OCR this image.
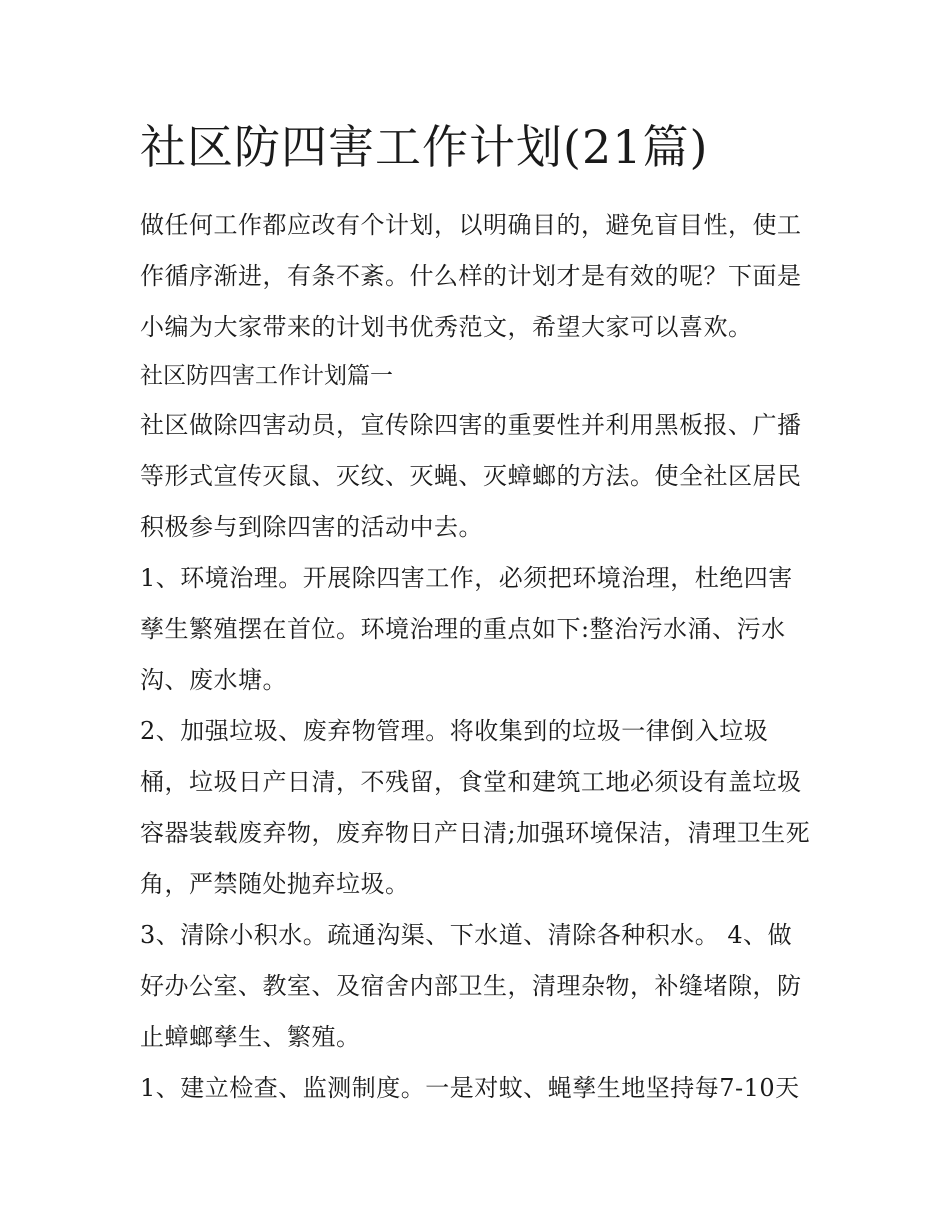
社区防四害工作计划(21篇)

做任何工作都应改有个计划，以明确目的，避免盲目性，使工作循序渐进，有条不紊。什么样的计划才是有效的呢？下面是小编为大家带来的计划书优秀范文，希望大家可以喜欢。

社区防四害工作计划篇一

社区做除四害动员，宣传除四害的重要性并利用黑板报、广播等形式宣传灭鼠、灭纹、灭蝇、灭蟑螂的方法。使全社区居民积极参与到除四害的活动中去。

1、环境治理。开展除四害工作，必须把环境治理，杜绝四害孳生繁殖摆在首位。环境治理的重点如下:整治污水涌、污水沟、废水塘。

2、加强垃圾、废弃物管理。将收集到的垃圾一律倒入垃圾桶，垃圾日产日清，不残留，食堂和建筑工地必须设有盖垃圾容器装载废弃物，废弃物日产日清;加强环境保洁，清理卫生死角，严禁随处抛弃垃圾。

3、清除小积水。疏通沟渠、下水道、清除各种积水。 4、做好办公室、教室、及宿舍内部卫生，清理杂物，补缝堵隙，防止蟑螂孳生、繁殖。

1、建立检查、监测制度。一是对蚊、蝇孳生地坚持每7-10天
